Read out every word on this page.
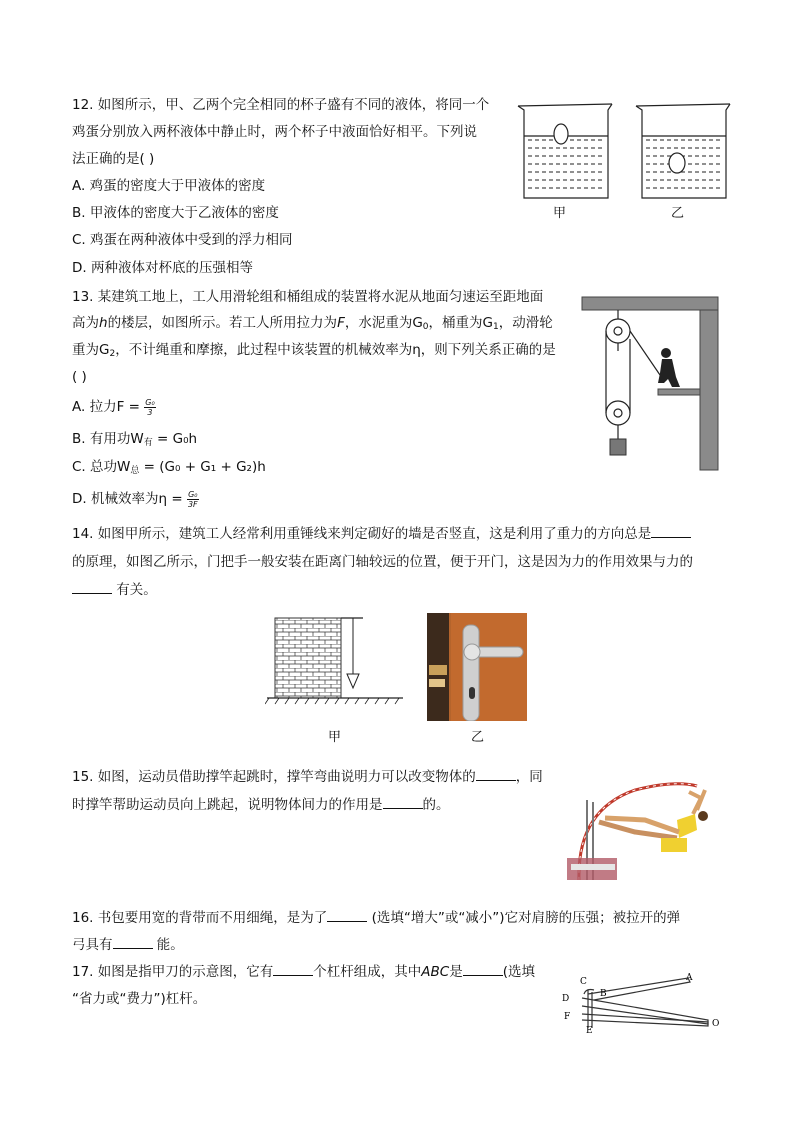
12. 如图所示，甲、乙两个完全相同的杯子盛有不同的液体，将同一个
鸡蛋分别放入两杯液体中静止时，两个杯子中液面恰好相平。下列说
法正确的是( )
A. 鸡蛋的密度大于甲液体的密度
B. 甲液体的密度大于乙液体的密度
C. 鸡蛋在两种液体中受到的浮力相同
D. 两种液体对杯底的压强相等
甲	乙
13. 某建筑工地上，工人用滑轮组和桶组成的装置将水泥从地面匀速运至距地面
高为h的楼层，如图所示。若工人所用拉力为F，水泥重为$G_0$，桶重为$G_1$，动滑轮
重为$G_2$，不计绳重和摩擦，此过程中该装置的机械效率为η，则下列关系正确的是
( )
A. 拉力$F = \frac{\text{G₀}}{3}$
B. 有用功$W_有 = G_0h$
C. 总功$W_总 = (G_0 + G_1 + G_2)h$
D. 机械效率为$\eta = \frac{\text{G₀}}{3F}$
14. 如图甲所示，建筑工人经常利用重锤线来判定砌好的墙是否竖直，这是利用了重力的方向总是
的原理，如图乙所示，门把手一般安装在距离门轴较远的位置，便于开门，这是因为力的作用效果与力的
有关。
甲	乙
15. 如图，运动员借助撑竿起跳时，撑竿弯曲说明力可以改变物体的	，同
时撑竿帮助运动员向上跳起，说明物体间力的作用是	的。
16. 书包要用宽的背带而不用细绳，是为了	(选填“增大”或“减小”)它对肩膀的压强；被拉开的弹
弓具有	能。
17. 如图是指甲刀的示意图，它有	个杠杆组成，其中ABC是	(选填
“省力或“费力”)杠杆。
C	A
B
D
F
E
O
